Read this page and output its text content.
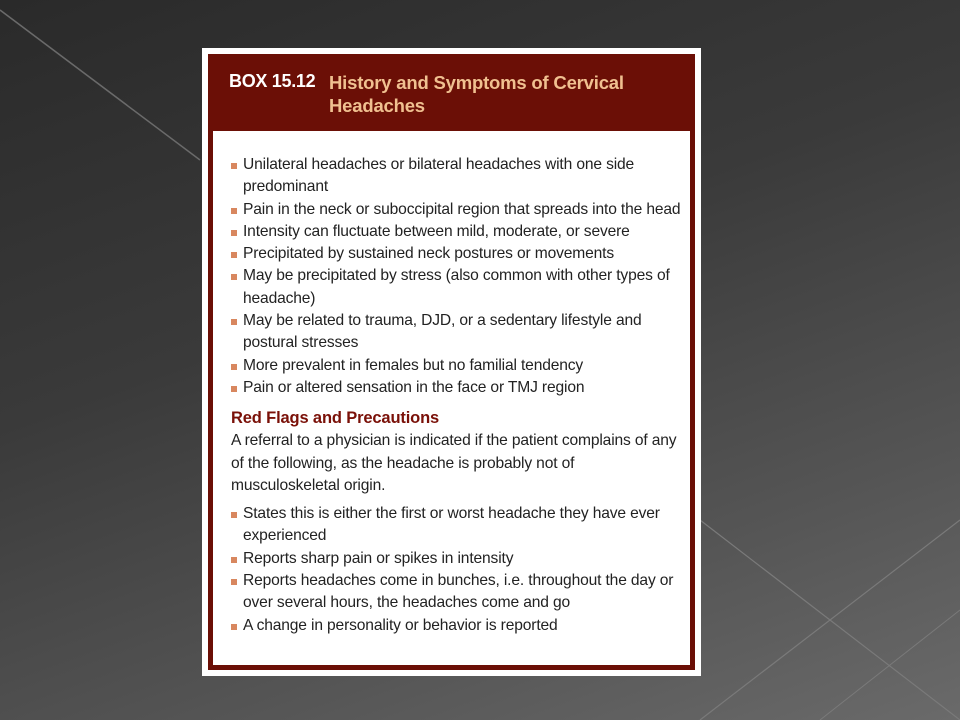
BOX 15.12 History and Symptoms of Cervical Headaches
Unilateral headaches or bilateral headaches with one side predominant
Pain in the neck or suboccipital region that spreads into the head
Intensity can fluctuate between mild, moderate, or severe
Precipitated by sustained neck postures or movements
May be precipitated by stress (also common with other types of headache)
May be related to trauma, DJD, or a sedentary lifestyle and postural stresses
More prevalent in females but no familial tendency
Pain or altered sensation in the face or TMJ region
Red Flags and Precautions
A referral to a physician is indicated if the patient complains of any of the following, as the headache is probably not of musculoskeletal origin.
States this is either the first or worst headache they have ever experienced
Reports sharp pain or spikes in intensity
Reports headaches come in bunches, i.e. throughout the day or over several hours, the headaches come and go
A change in personality or behavior is reported
